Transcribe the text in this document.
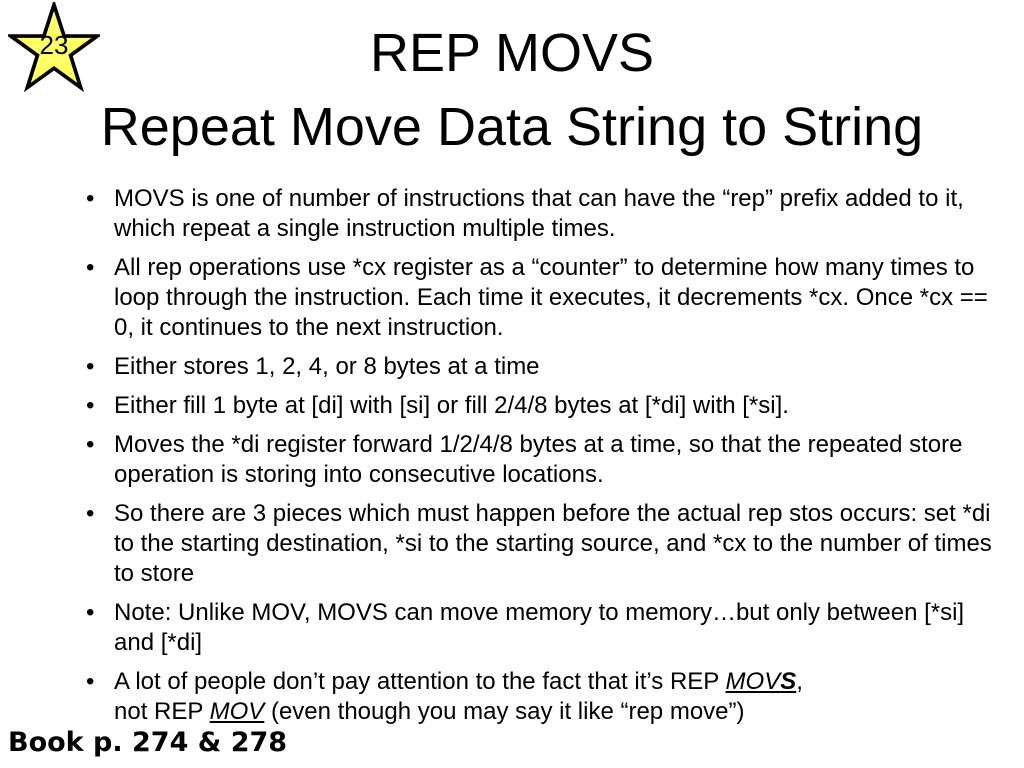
23	REP MOVS
Repeat Move Data String to String
• MOVS is one of number of instructions that can have the “rep” prefix added to it, which repeat a single instruction multiple times.
• All rep operations use *cx register as a “counter” to determine how many times to loop through the instruction. Each time it executes, it decrements *cx. Once *cx == 0, it continues to the next instruction.
• Either stores 1, 2, 4, or 8 bytes at a time
• Either fill 1 byte at [di] with [si] or fill 2/4/8 bytes at [*di] with [*si].
• Moves the *di register forward 1/2/4/8 bytes at a time, so that the repeated store operation is storing into consecutive locations.
• So there are 3 pieces which must happen before the actual rep stos occurs: set *di to the starting destination, *si to the starting source, and *cx to the number of times to store
• Note: Unlike MOV, MOVS can move memory to memory…but only between [*si] and [*di]
• A lot of people don’t pay attention to the fact that it’s REP MOVS,
not REP MOV (even though you may say it like “rep move”)
Book p. 274 & 278
